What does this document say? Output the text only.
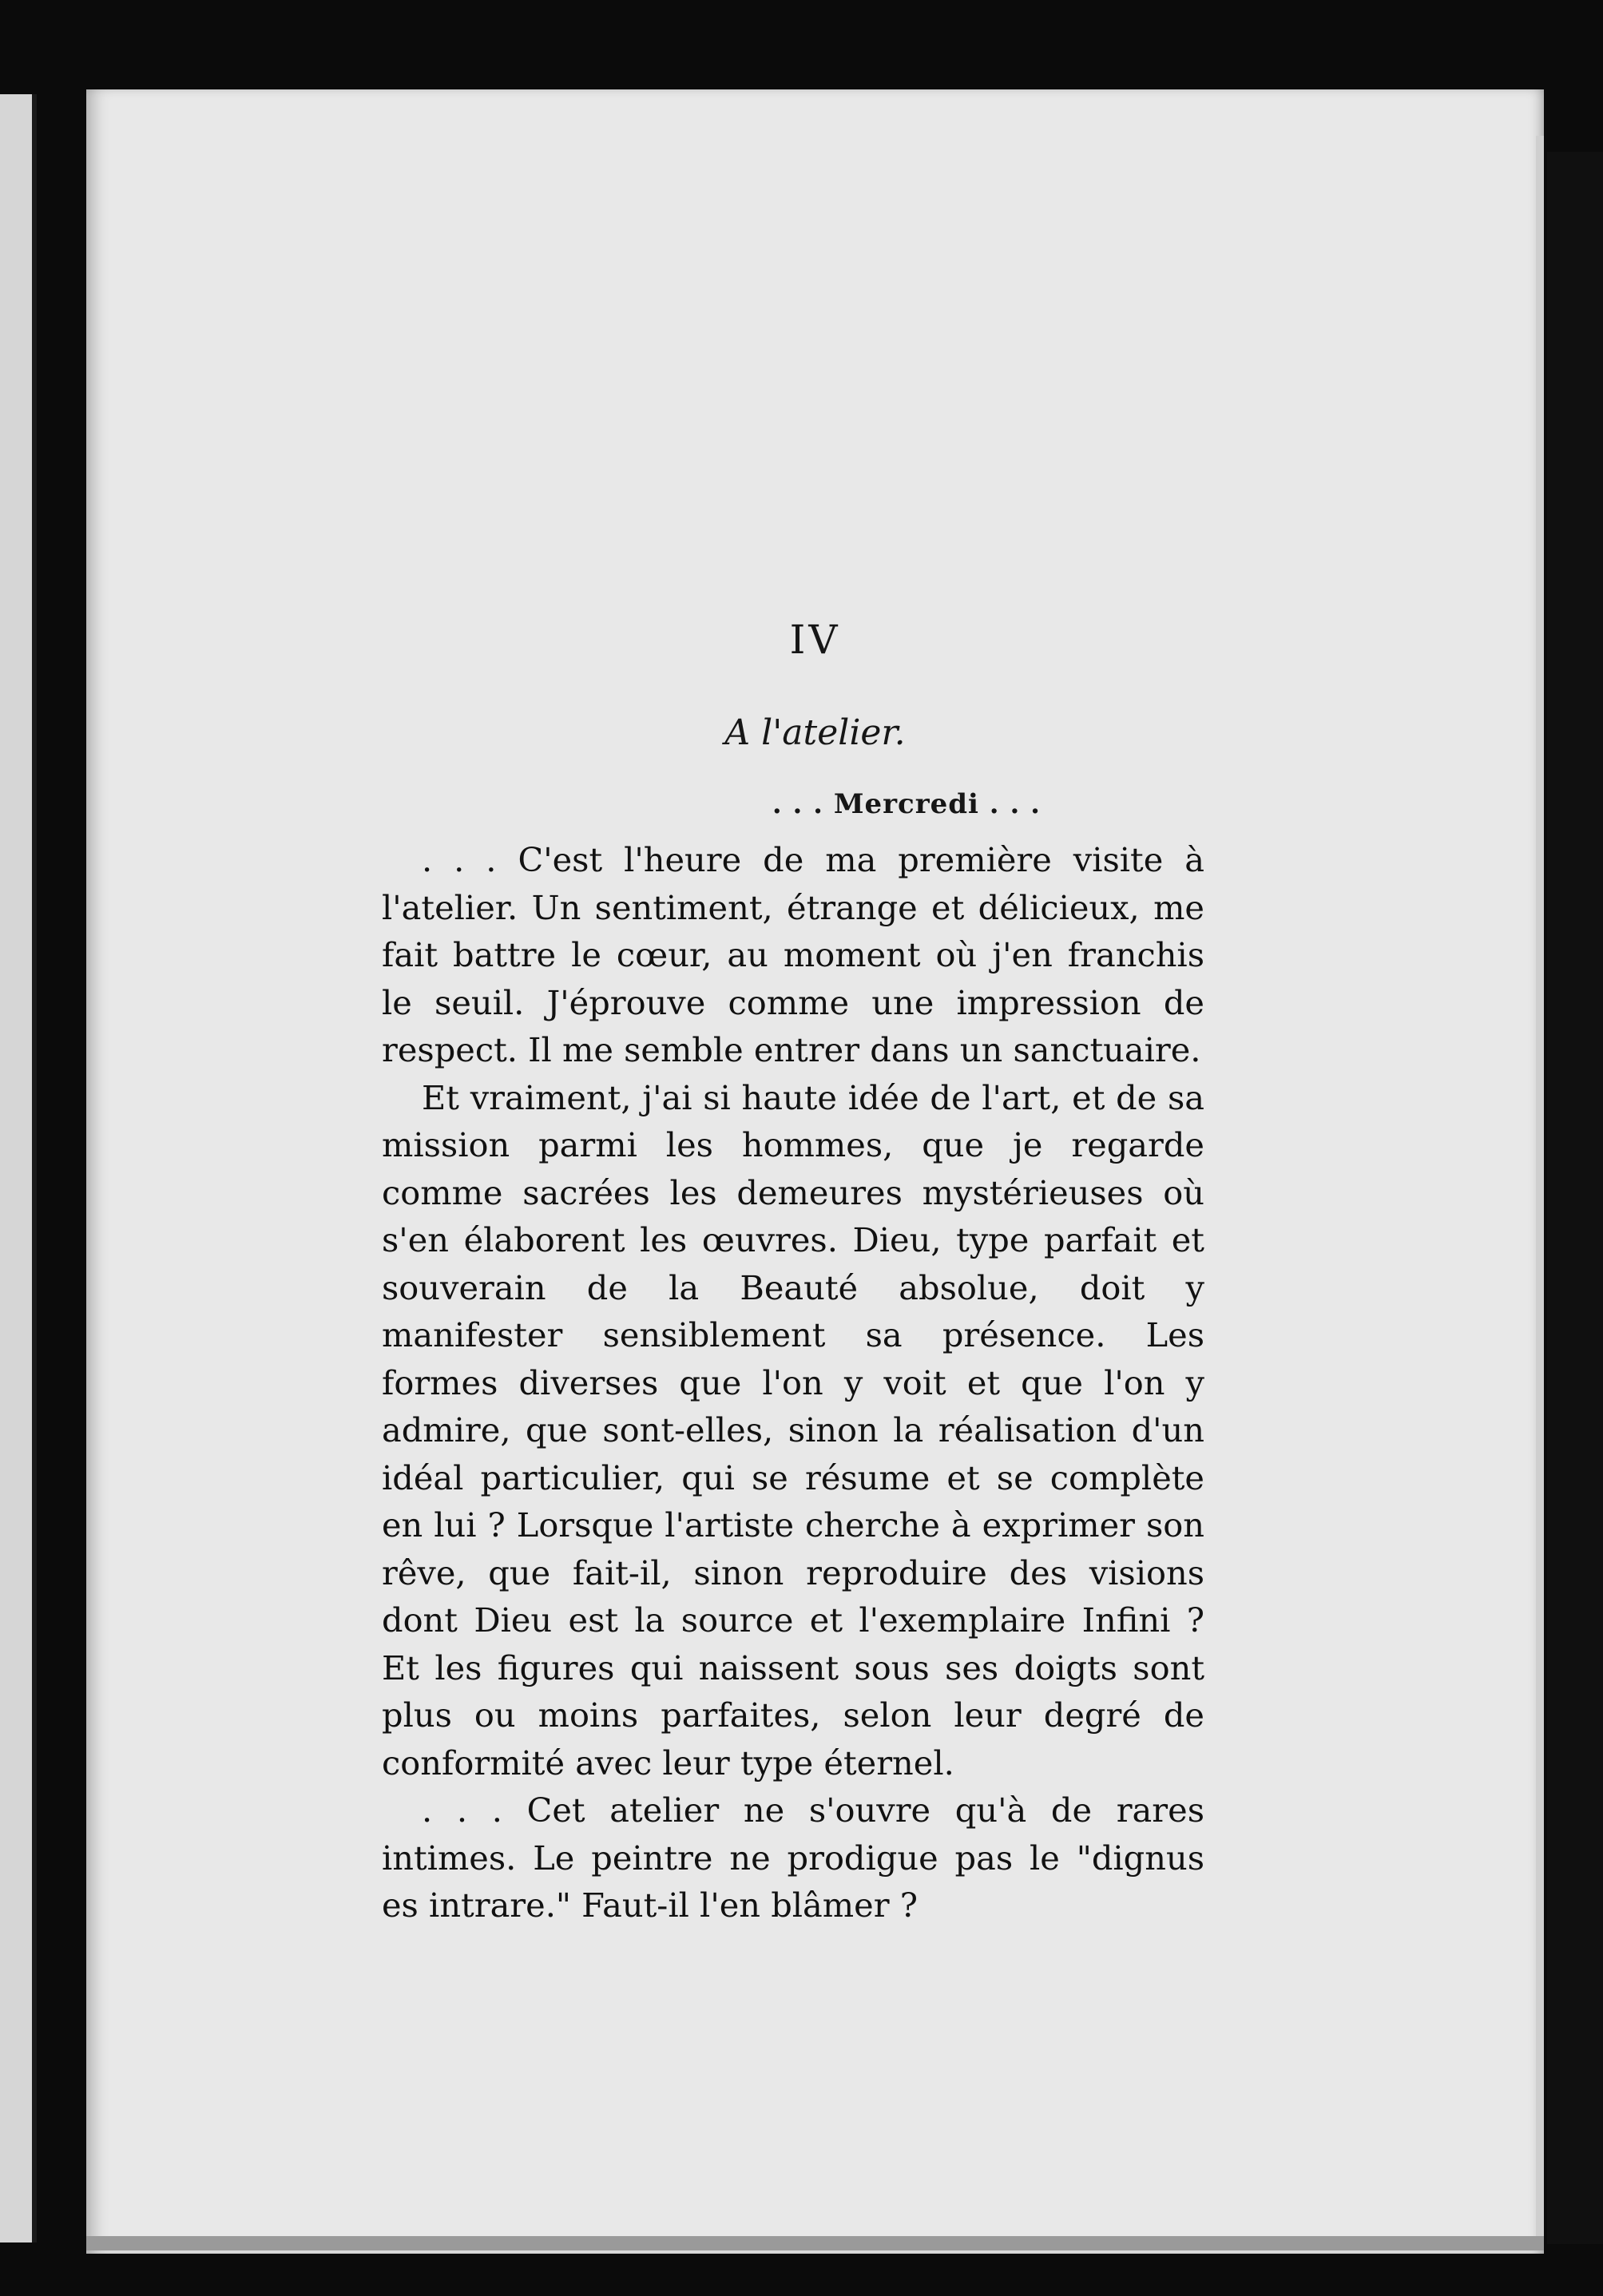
IV
A l'atelier.
. . . Mercredi . . .

. . . C'est l'heure de ma première visite à l'atelier. Un sentiment, étrange et délicieux, me fait battre le cœur, au moment où j'en franchis le seuil. J'éprouve comme une impression de respect. Il me semble entrer dans un sanctuaire.

Et vraiment, j'ai si haute idée de l'art, et de sa mission parmi les hommes, que je regarde comme sacrées les demeures mystérieuses où s'en élaborent les œuvres. Dieu, type parfait et souverain de la Beauté absolue, doit y manifester sensiblement sa présence. Les formes diverses que l'on y voit et que l'on y admire, que sont-elles, sinon la réalisation d'un idéal particulier, qui se résume et se complète en lui ? Lorsque l'artiste cherche à exprimer son rêve, que fait-il, sinon reproduire des visions dont Dieu est la source et l'exemplaire Infini ? Et les figures qui naissent sous ses doigts sont plus ou moins parfaites, selon leur degré de conformité avec leur type éternel.

. . . Cet atelier ne s'ouvre qu'à de rares intimes. Le peintre ne prodigue pas le "dignus es intrare." Faut-il l'en blâmer ?
